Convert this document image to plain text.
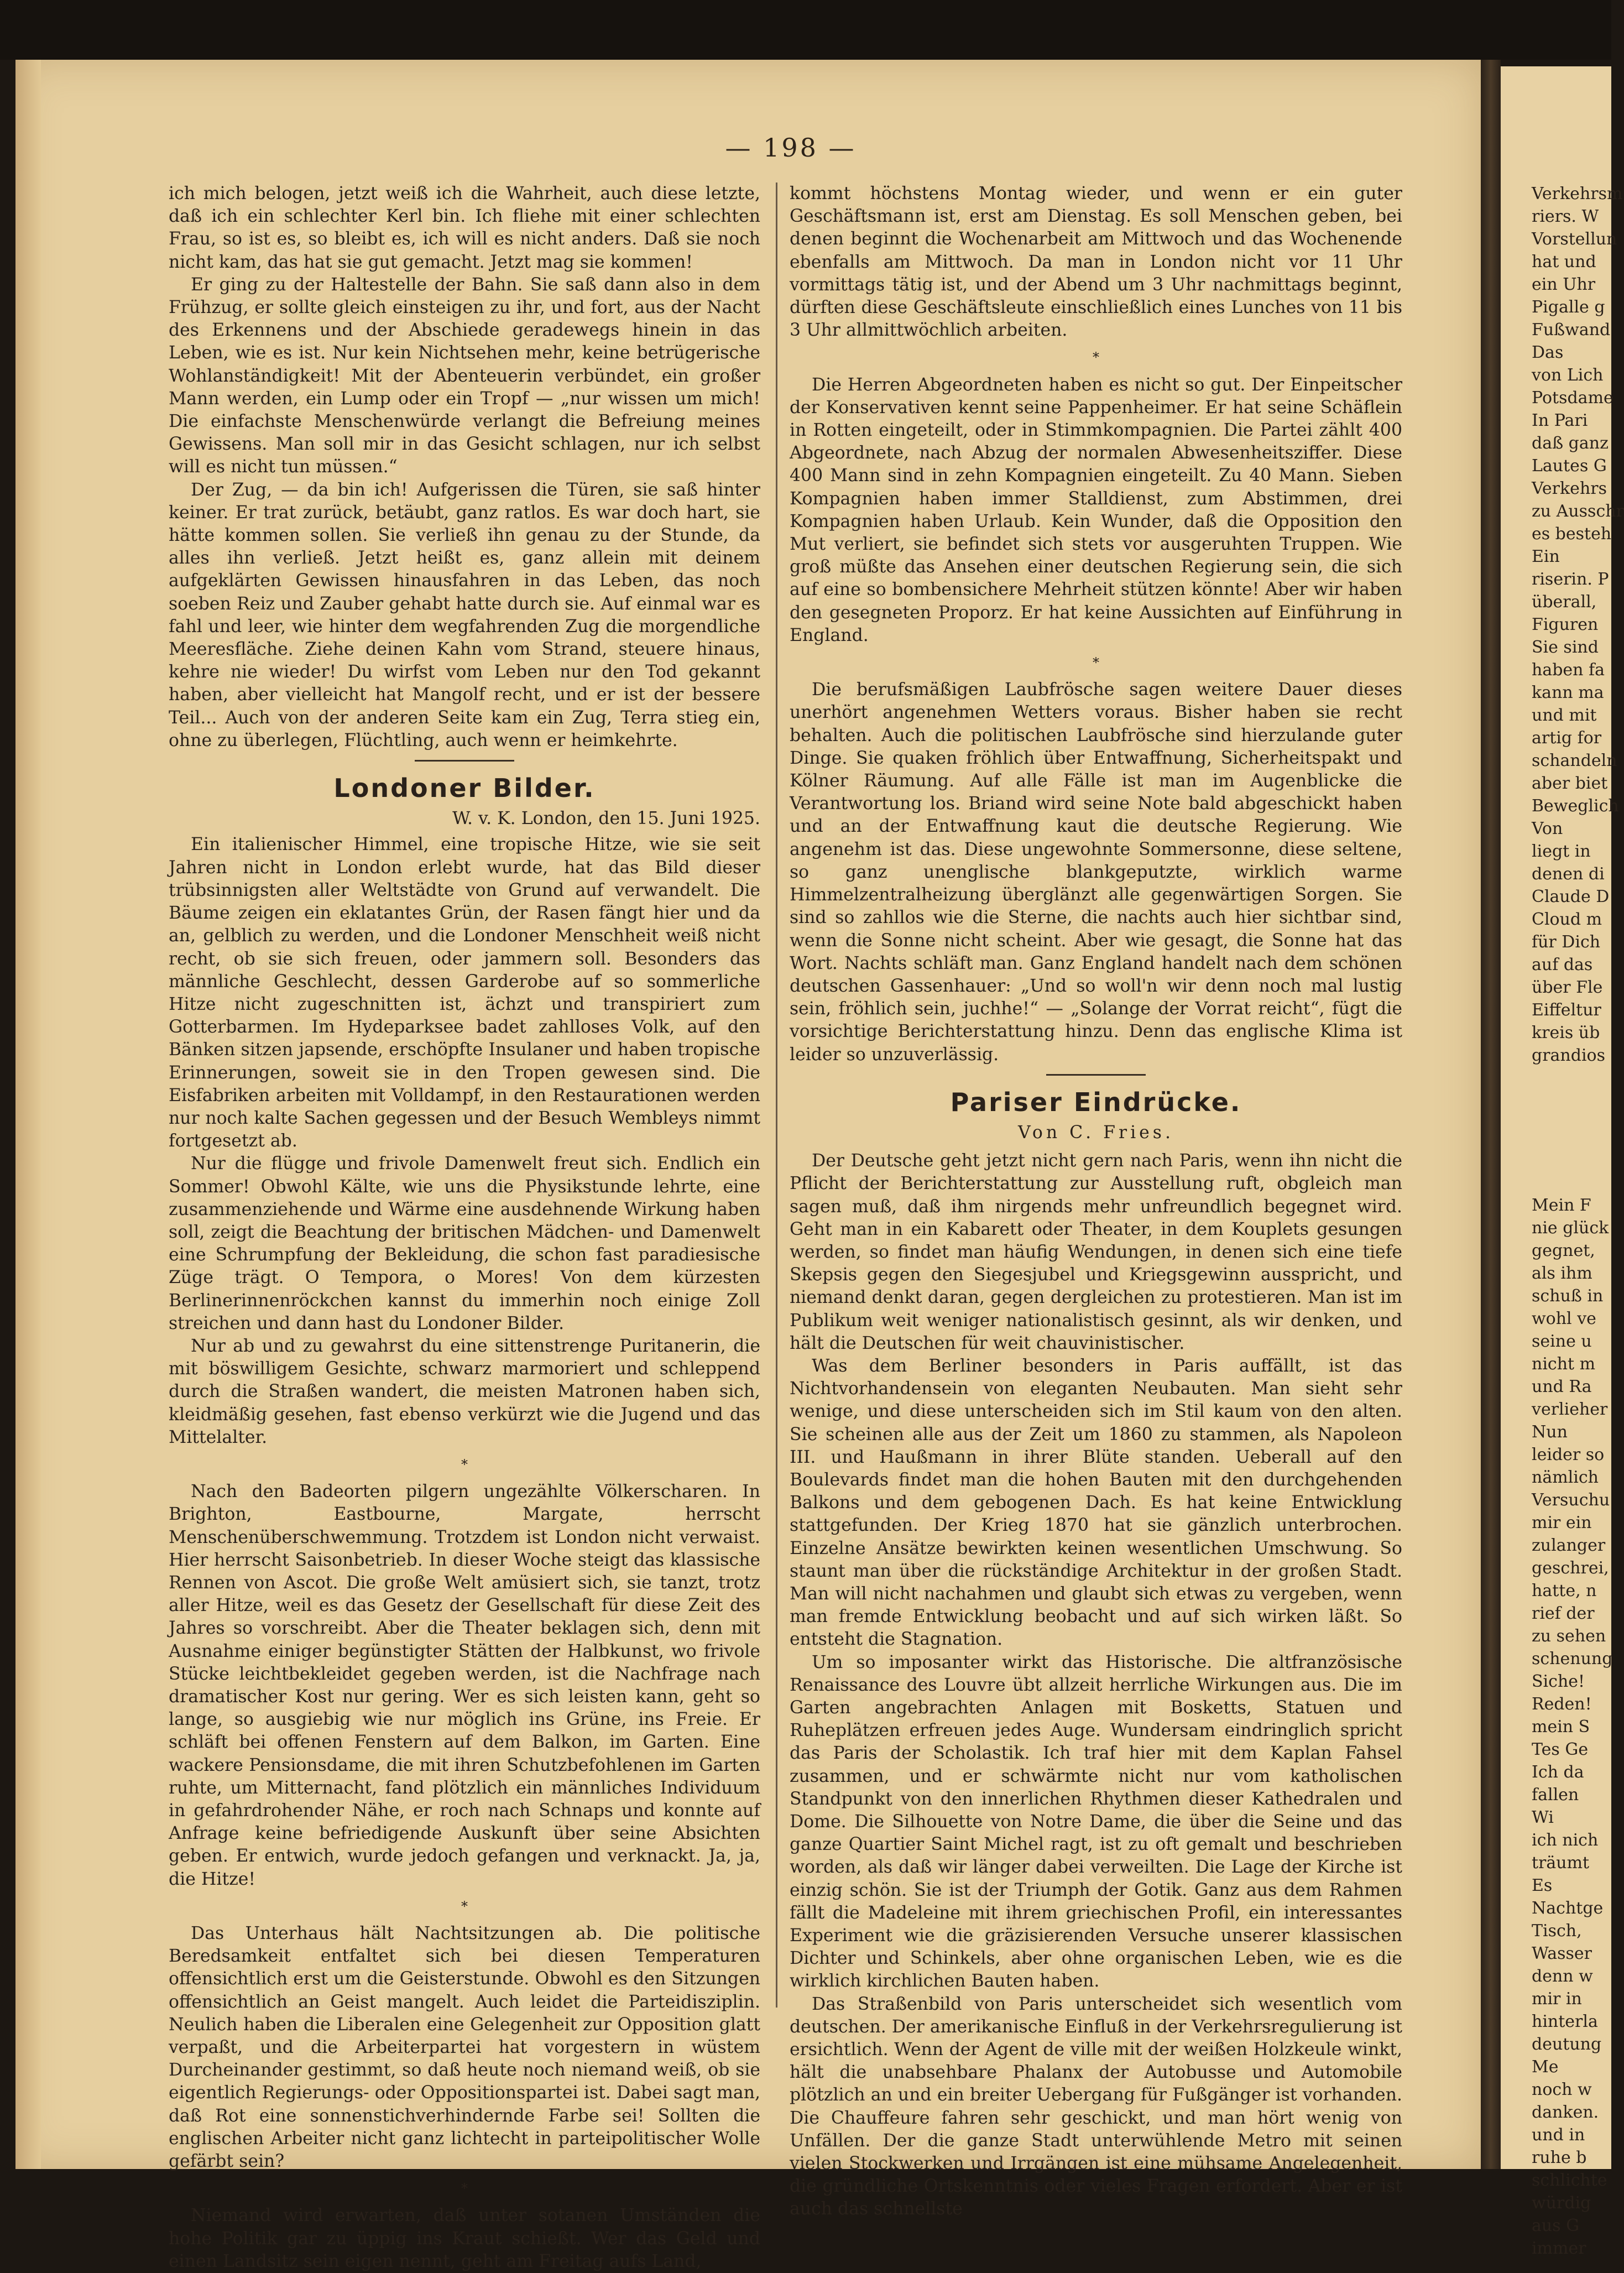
— 198 —

ich mich belogen, jetzt weiß ich die Wahrheit, auch diese letzte, daß ich ein schlechter Kerl bin. Ich fliehe mit einer schlechten Frau, so ist es, so bleibt es, ich will es nicht anders. Daß sie noch nicht kam, das hat sie gut gemacht. Jetzt mag sie kommen!

Er ging zu der Haltestelle der Bahn. Sie saß dann also in dem Frühzug, er sollte gleich einsteigen zu ihr, und fort, aus der Nacht des Erkennens und der Abschiede geradewegs hinein in das Leben, wie es ist. Nur kein Nichtsehen mehr, keine betrügerische Wohlanständigkeit! Mit der Abenteuerin verbündet, ein großer Mann werden, ein Lump oder ein Tropf — „nur wissen um mich! Die einfachste Menschenwürde verlangt die Befreiung meines Gewissens. Man soll mir in das Gesicht schlagen, nur ich selbst will es nicht tun müssen.“

Der Zug, — da bin ich! Aufgerissen die Türen, sie saß hinter keiner. Er trat zurück, betäubt, ganz ratlos. Es war doch hart, sie hätte kommen sollen. Sie verließ ihn genau zu der Stunde, da alles ihn verließ. Jetzt heißt es, ganz allein mit deinem aufgeklärten Gewissen hinausfahren in das Leben, das noch soeben Reiz und Zauber gehabt hatte durch sie. Auf einmal war es fahl und leer, wie hinter dem wegfahrenden Zug die morgendliche Meeresfläche. Ziehe deinen Kahn vom Strand, steuere hinaus, kehre nie wieder! Du wirfst vom Leben nur den Tod gekannt haben, aber vielleicht hat Mangolf recht, und er ist der bessere Teil... Auch von der anderen Seite kam ein Zug, Terra stieg ein, ohne zu überlegen, Flüchtling, auch wenn er heimkehrte.

Londoner Bilder.

W. v. K. London, den 15. Juni 1925.

Ein italienischer Himmel, eine tropische Hitze, wie sie seit Jahren nicht in London erlebt wurde, hat das Bild dieser trübsinnigsten aller Weltstädte von Grund auf verwandelt. Die Bäume zeigen ein eklatantes Grün, der Rasen fängt hier und da an, gelblich zu werden, und die Londoner Menschheit weiß nicht recht, ob sie sich freuen, oder jammern soll. Besonders das männliche Geschlecht, dessen Garderobe auf so sommerliche Hitze nicht zugeschnitten ist, ächzt und transpiriert zum Gotterbarmen. Im Hydeparksee badet zahlloses Volk, auf den Bänken sitzen japsende, erschöpfte Insulaner und haben tropische Erinnerungen, soweit sie in den Tropen gewesen sind. Die Eisfabriken arbeiten mit Volldampf, in den Restaurationen werden nur noch kalte Sachen gegessen und der Besuch Wembleys nimmt fortgesetzt ab.

Nur die flügge und frivole Damenwelt freut sich. Endlich ein Sommer! Obwohl Kälte, wie uns die Physikstunde lehrte, eine zusammenziehende und Wärme eine ausdehnende Wirkung haben soll, zeigt die Beachtung der britischen Mädchen- und Damenwelt eine Schrumpfung der Bekleidung, die schon fast paradiesische Züge trägt. O Tempora, o Mores! Von dem kürzesten Berlinerinnenröckchen kannst du immerhin noch einige Zoll streichen und dann hast du Londoner Bilder.

Nur ab und zu gewahrst du eine sittenstrenge Puritanerin, die mit böswilligem Gesichte, schwarz marmoriert und schleppend durch die Straßen wandert, die meisten Matronen haben sich, kleidmäßig gesehen, fast ebenso verkürzt wie die Jugend und das Mittelalter.

*

Nach den Badeorten pilgern ungezählte Völkerscharen. In Brighton, Eastbourne, Margate, herrscht Menschenüberschwemmung. Trotzdem ist London nicht verwaist. Hier herrscht Saisonbetrieb. In dieser Woche steigt das klassische Rennen von Ascot. Die große Welt amüsiert sich, sie tanzt, trotz aller Hitze, weil es das Gesetz der Gesellschaft für diese Zeit des Jahres so vorschreibt. Aber die Theater beklagen sich, denn mit Ausnahme einiger begünstigter Stätten der Halbkunst, wo frivole Stücke leichtbekleidet gegeben werden, ist die Nachfrage nach dramatischer Kost nur gering. Wer es sich leisten kann, geht so lange, so ausgiebig wie nur möglich ins Grüne, ins Freie. Er schläft bei offenen Fenstern auf dem Balkon, im Garten. Eine wackere Pensionsdame, die mit ihren Schutzbefohlenen im Garten ruhte, um Mitternacht, fand plötzlich ein männliches Individuum in gefahrdrohender Nähe, er roch nach Schnaps und konnte auf Anfrage keine befriedigende Auskunft über seine Absichten geben. Er entwich, wurde jedoch gefangen und verknackt. Ja, ja, die Hitze!

*

Das Unterhaus hält Nachtsitzungen ab. Die politische Beredsamkeit entfaltet sich bei diesen Temperaturen offensichtlich erst um die Geisterstunde. Obwohl es den Sitzungen offensichtlich an Geist mangelt. Auch leidet die Parteidisziplin. Neulich haben die Liberalen eine Gelegenheit zur Opposition glatt verpaßt, und die Arbeiterpartei hat vorgestern in wüstem Durcheinander gestimmt, so daß heute noch niemand weiß, ob sie eigentlich Regierungs- oder Oppositionspartei ist. Dabei sagt man, daß Rot eine sonnenstichverhindernde Farbe sei! Sollten die englischen Arbeiter nicht ganz lichtecht in parteipolitischer Wolle gefärbt sein?

*

Niemand wird erwarten, daß unter sotanen Umständen die hohe Politik gar zu üppig ins Kraut schießt. Wer das Geld und einen Landsitz sein eigen nennt, geht am Freitag aufs Land,

kommt höchstens Montag wieder, und wenn er ein guter Geschäftsmann ist, erst am Dienstag. Es soll Menschen geben, bei denen beginnt die Wochenarbeit am Mittwoch und das Wochenende ebenfalls am Mittwoch. Da man in London nicht vor 11 Uhr vormittags tätig ist, und der Abend um 3 Uhr nachmittags beginnt, dürften diese Geschäftsleute einschließlich eines Lunches von 11 bis 3 Uhr allmittwöchlich arbeiten.

*

Die Herren Abgeordneten haben es nicht so gut. Der Einpeitscher der Konservativen kennt seine Pappenheimer. Er hat seine Schäflein in Rotten eingeteilt, oder in Stimmkompagnien. Die Partei zählt 400 Abgeordnete, nach Abzug der normalen Abwesenheitsziffer. Diese 400 Mann sind in zehn Kompagnien eingeteilt. Zu 40 Mann. Sieben Kompagnien haben immer Stalldienst, zum Abstimmen, drei Kompagnien haben Urlaub. Kein Wunder, daß die Opposition den Mut verliert, sie befindet sich stets vor ausgeruhten Truppen. Wie groß müßte das Ansehen einer deutschen Regierung sein, die sich auf eine so bombensichere Mehrheit stützen könnte! Aber wir haben den gesegneten Proporz. Er hat keine Aussichten auf Einführung in England.

*

Die berufsmäßigen Laubfrösche sagen weitere Dauer dieses unerhört angenehmen Wetters voraus. Bisher haben sie recht behalten. Auch die politischen Laubfrösche sind hierzulande guter Dinge. Sie quaken fröhlich über Entwaffnung, Sicherheitspakt und Kölner Räumung. Auf alle Fälle ist man im Augenblicke die Verantwortung los. Briand wird seine Note bald abgeschickt haben und an der Entwaffnung kaut die deutsche Regierung. Wie angenehm ist das. Diese ungewohnte Sommersonne, diese seltene, so ganz unenglische blankgeputzte, wirklich warme Himmelzentralheizung überglänzt alle gegenwärtigen Sorgen. Sie sind so zahllos wie die Sterne, die nachts auch hier sichtbar sind, wenn die Sonne nicht scheint. Aber wie gesagt, die Sonne hat das Wort. Nachts schläft man. Ganz England handelt nach dem schönen deutschen Gassenhauer: „Und so woll'n wir denn noch mal lustig sein, fröhlich sein, juchhe!“ — „Solange der Vorrat reicht“, fügt die vorsichtige Berichterstattung hinzu. Denn das englische Klima ist leider so unzuverlässig.

Pariser Eindrücke.

Von C. Fries.

Der Deutsche geht jetzt nicht gern nach Paris, wenn ihn nicht die Pflicht der Berichterstattung zur Ausstellung ruft, obgleich man sagen muß, daß ihm nirgends mehr unfreundlich begegnet wird. Geht man in ein Kabarett oder Theater, in dem Kouplets gesungen werden, so findet man häufig Wendungen, in denen sich eine tiefe Skepsis gegen den Siegesjubel und Kriegsgewinn ausspricht, und niemand denkt daran, gegen dergleichen zu protestieren. Man ist im Publikum weit weniger nationalistisch gesinnt, als wir denken, und hält die Deutschen für weit chauvinistischer.

Was dem Berliner besonders in Paris auffällt, ist das Nichtvorhandensein von eleganten Neubauten. Man sieht sehr wenige, und diese unterscheiden sich im Stil kaum von den alten. Sie scheinen alle aus der Zeit um 1860 zu stammen, als Napoleon III. und Haußmann in ihrer Blüte standen. Ueberall auf den Boulevards findet man die hohen Bauten mit den durchgehenden Balkons und dem gebogenen Dach. Es hat keine Entwicklung stattgefunden. Der Krieg 1870 hat sie gänzlich unterbrochen. Einzelne Ansätze bewirkten keinen wesentlichen Umschwung. So staunt man über die rückständige Architektur in der großen Stadt. Man will nicht nachahmen und glaubt sich etwas zu vergeben, wenn man fremde Entwicklung beobacht und auf sich wirken läßt. So entsteht die Stagnation.

Um so imposanter wirkt das Historische. Die altfranzösische Renaissance des Louvre übt allzeit herrliche Wirkungen aus. Die im Garten angebrachten Anlagen mit Bosketts, Statuen und Ruheplätzen erfreuen jedes Auge. Wundersam eindringlich spricht das Paris der Scholastik. Ich traf hier mit dem Kaplan Fahsel zusammen, und er schwärmte nicht nur vom katholischen Standpunkt von den innerlichen Rhythmen dieser Kathedralen und Dome. Die Silhouette von Notre Dame, die über die Seine und das ganze Quartier Saint Michel ragt, ist zu oft gemalt und beschrieben worden, als daß wir länger dabei verweilten. Die Lage der Kirche ist einzig schön. Sie ist der Triumph der Gotik. Ganz aus dem Rahmen fällt die Madeleine mit ihrem griechischen Profil, ein interessantes Experiment wie die gräzisierenden Versuche unserer klassischen Dichter und Schinkels, aber ohne organischen Leben, wie es die wirklich kirchlichen Bauten haben.

Das Straßenbild von Paris unterscheidet sich wesentlich vom deutschen. Der amerikanische Einfluß in der Verkehrsregulierung ist ersichtlich. Wenn der Agent de ville mit der weißen Holzkeule winkt, hält die unabsehbare Phalanx der Autobusse und Automobile plötzlich an und ein breiter Uebergang für Fußgänger ist vorhanden. Die Chauffeure fahren sehr geschickt, und man hört wenig von Unfällen. Der die ganze Stadt unterwühlende Metro mit seinen vielen Stockwerken und Irrgängen ist eine mühsame Angelegenheit, die gründliche Ortskenntnis oder vieles Fragen erfordert. Aber er ist auch das schnellste

Verkehrsm
riers. W
Vorstellun
hat und
ein Uhr
Pigalle g
Fußwand
Das
von Lich
Potsdame
In Pari
daß ganz
Lautes G
Verkehrs
zu Ausschr
es besteh
Ein
riserin. P
überall,
Figuren
Sie sind
haben fa
kann ma
und mit
artig for
schandeln
aber biet
Beweglich
Von
liegt in
denen di
Claude D
Cloud m
für Dich
auf das
über Fle
Eiffeltur
kreis üb
grandios
Mein F
nie glück
gegnet,
als ihm
schuß in
wohl ve
seine u
nicht m
und Ra
verlieher
Nun
leider so
nämlich
Versuchu
mir ein
zulanger
geschrei,
hatte, n
rief der
zu sehen
schenung
Siche!
Reden!
mein S
Tes Ge
Ich da
fallen
Wi
ich nich
träumt
Es
Nachtge
Tisch,
Wasser
denn w
mir in
hinterla
deutung
Me
noch w
danken.
und in
ruhe b
schlichte
würdig
aus G
immer
